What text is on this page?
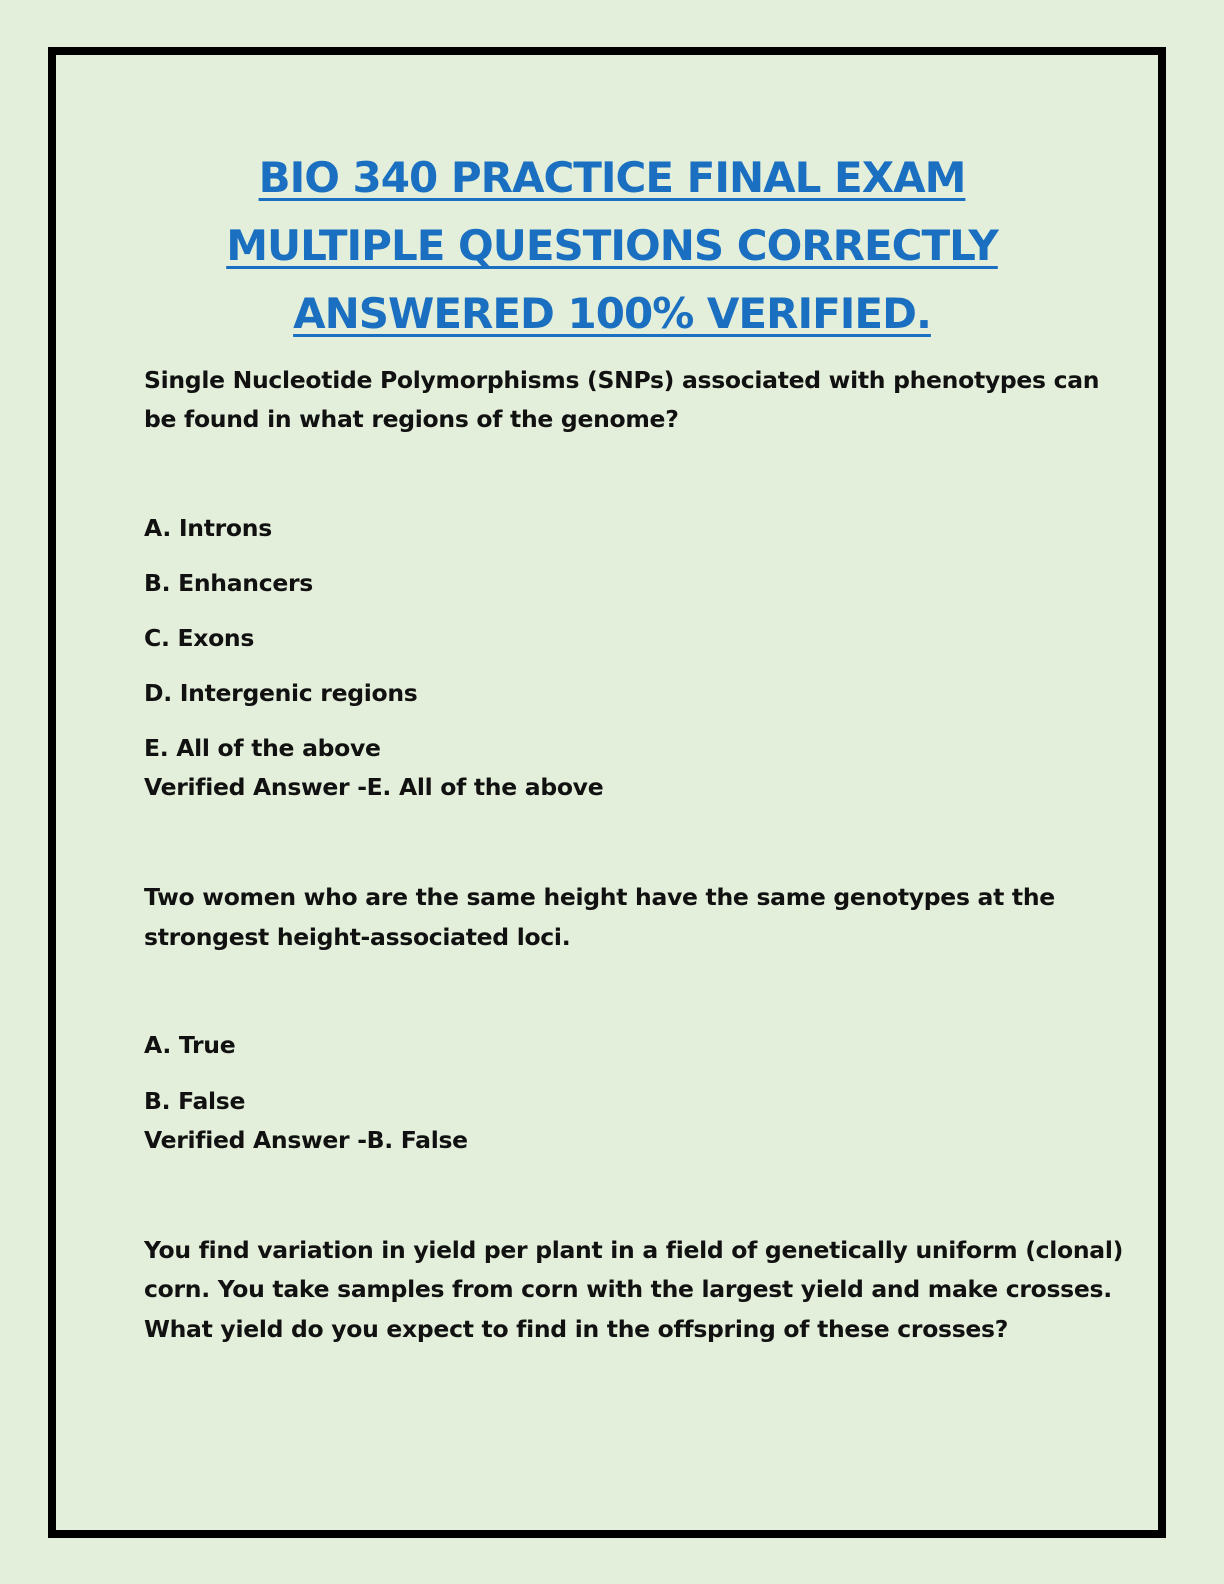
BIO 340 PRACTICE FINAL EXAM MULTIPLE QUESTIONS CORRECTLY ANSWERED 100% VERIFIED.

Single Nucleotide Polymorphisms (SNPs) associated with phenotypes can

be found in what regions of the genome?

A. Introns

B. Enhancers

C. Exons

D. Intergenic regions

E. All of the above

Verified Answer -E. All of the above

Two women who are the same height have the same genotypes at the

strongest height-associated loci.

A. True

B. False

Verified Answer -B. False

You find variation in yield per plant in a field of genetically uniform (clonal)

corn. You take samples from corn with the largest yield and make crosses.

What yield do you expect to find in the offspring of these crosses?
